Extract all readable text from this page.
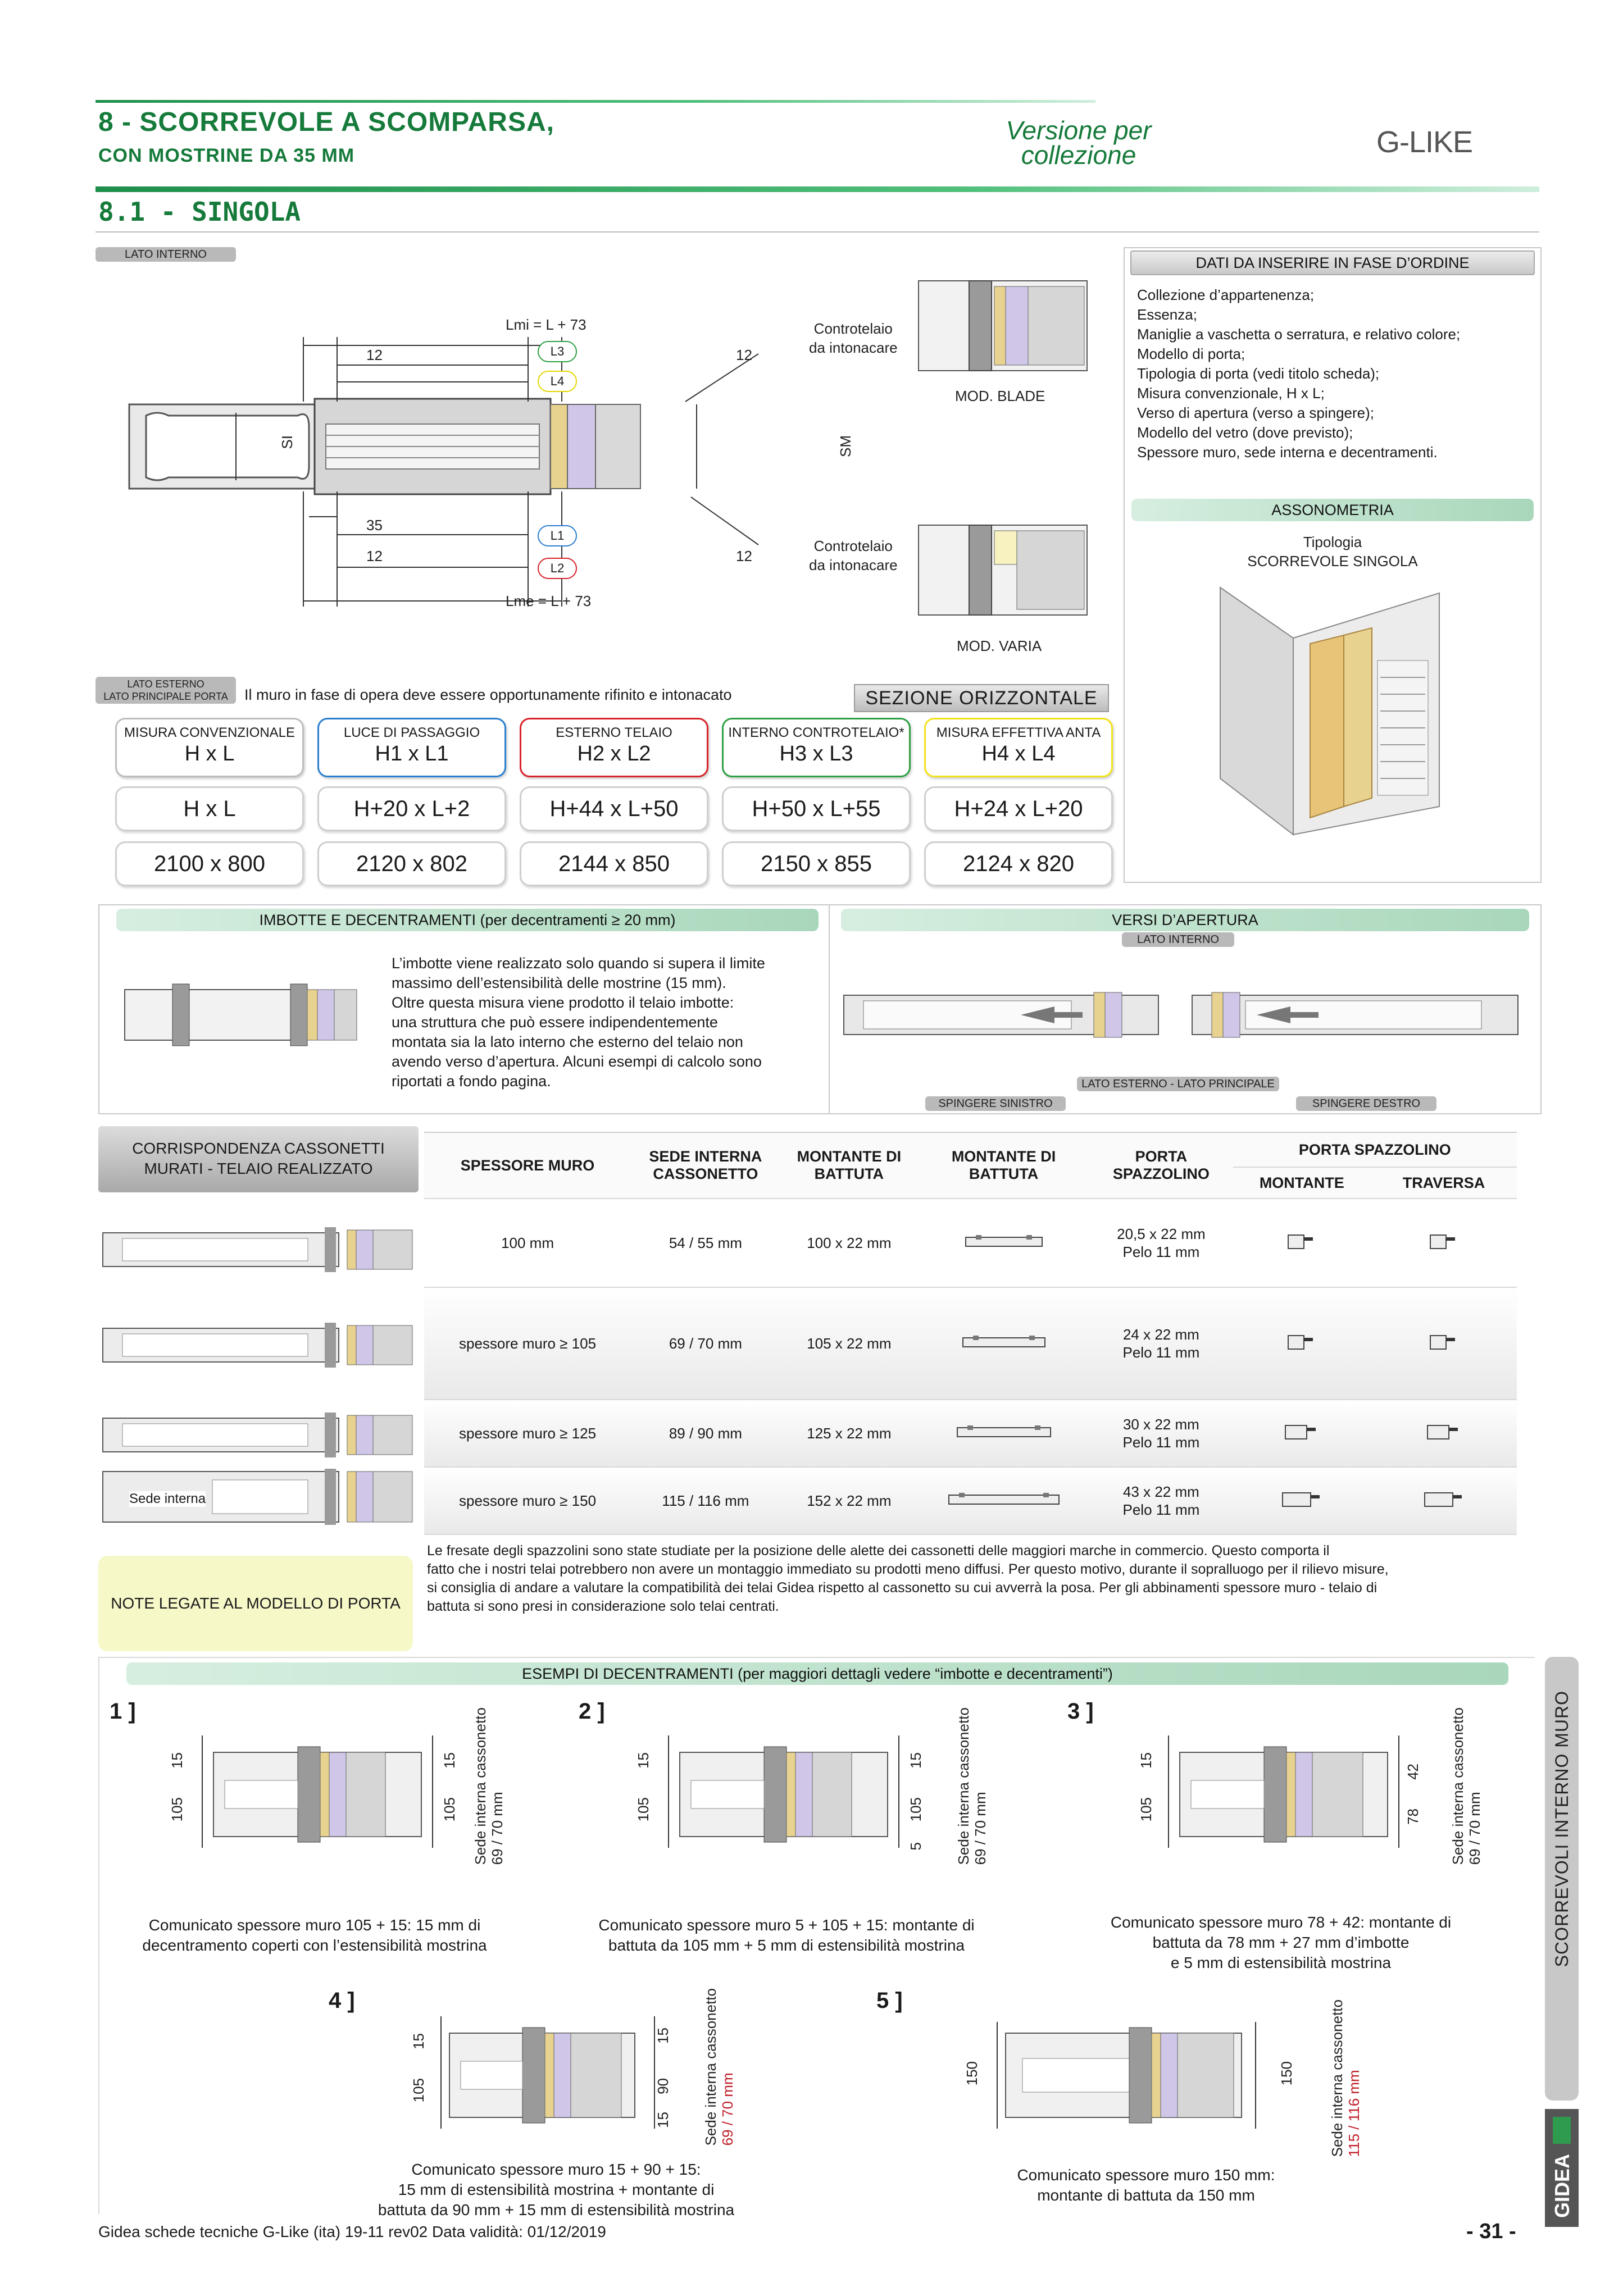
8 - SCORREVOLE A SCOMPARSA,
CON MOSTRINE DA 35 MM
Versione per
collezione	G-LIKE
8.1 - SINGOLA
LATO INTERNO
Lmi = L + 73
12	12
L3
L4
SI	SM
35
12	12
L1
L2
Lme = L + 73
Controtelaio
da intonacare
Controtelaio
da intonacare
MOD. BLADE
MOD. VARIA
LATO ESTERNO
LATO PRINCIPALE PORTA	Il muro in fase di opera deve essere opportunamente rifinito e intonacato	SEZIONE ORIZZONTALE
DATI DA INSERIRE IN FASE D’ORDINE
Collezione d’appartenenza;
Essenza;
Maniglie a vaschetta o serratura, e relativo colore;
Modello di porta;
Tipologia di porta (vedi titolo scheda);
Misura convenzionale, H x L;
Verso di apertura (verso a spingere);
Modello del vetro (dove previsto);
Spessore muro, sede interna e decentramenti.
ASSONOMETRIA
Tipologia
SCORREVOLE SINGOLA
MISURA CONVENZIONALE
H x L
LUCE DI PASSAGGIO
H1 x L1
ESTERNO TELAIO
H2 x L2
INTERNO CONTROTELAIO*
H3 x L3
MISURA EFFETTIVA ANTA
H4 x L4
H x L	H+20 x L+2	H+44 x L+50	H+50 x L+55	H+24 x L+20
2100 x 800	2120 x 802	2144 x 850	2150 x 855	2124 x 820
IMBOTTE E DECENTRAMENTI (per decentramenti ≥ 20 mm)
L’imbotte viene realizzato solo quando si supera il limite
massimo dell’estensibilità delle mostrine (15 mm).
Oltre questa misura viene prodotto il telaio imbotte:
una struttura che può essere indipendentemente
montata sia la lato interno che esterno del telaio non
avendo verso d’apertura. Alcuni esempi di calcolo sono
riportati a fondo pagina.
VERSI D’APERTURA
LATO INTERNO
LATO ESTERNO - LATO PRINCIPALE
SPINGERE SINISTRO	SPINGERE DESTRO
CORRISPONDENZA CASSONETTI
MURATI - TELAIO REALIZZATO	SPESSORE MURO	SEDE INTERNA CASSONETTO	MONTANTE DI BATTUTA	MONTANTE DI BATTUTA	PORTA SPAZZOLINO	PORTA SPAZZOLINO	
					MONTANTE	TRAVERSA
100 mm	54 / 55 mm	100 x 22 mm		20,5 x 22 mm
Pelo 11 mm

spessore muro ≥ 105	69 / 70 mm	105 x 22 mm		24 x 22 mm
Pelo 11 mm

spessore muro ≥ 125	89 / 90 mm	125 x 22 mm		30 x 22 mm
Pelo 11 mm

spessore muro ≥ 150	115 / 116 mm	152 x 22 mm		43 x 22 mm
Pelo 11 mm

Sede interna
NOTE LEGATE AL MODELLO DI PORTA
Le fresate degli spazzolini sono state studiate per la posizione delle alette dei cassonetti delle maggiori marche in commercio. Questo comporta il
fatto che i nostri telai potrebbero non avere un montaggio immediato su prodotti meno diffusi. Per questo motivo, durante il sopralluogo per il rilievo misure,
si consiglia di andare a valutare la compatibilità dei telai Gidea rispetto al cassonetto su cui avverrà la posa. Per gli abbinamenti spessore muro - telaio di
battuta si sono presi in considerazione solo telai centrati.
ESEMPI DI DECENTRAMENTI (per maggiori dettagli vedere “imbotte e decentramenti”)
1 ]
15
105
15
105 Sede interna cassonetto 69 / 70 mm
Comunicato spessore muro 105 + 15: 15 mm di
decentramento coperti con l’estensibilità mostrina
2 ]
15
105
15
105
5 Sede interna cassonetto 69 / 70 mm
Comunicato spessore muro 5 + 105 + 15: montante di
battuta da 105 mm + 5 mm di estensibilità mostrina
3 ]
15
105
42
78 Sede interna cassonetto 69 / 70 mm
Comunicato spessore muro 78 + 42: montante di
battuta da 78 mm + 27 mm d’imbotte
e 5 mm di estensibilità mostrina
4 ]
15
105
15
90
15 Sede interna cassonetto 69 / 70 mm
Comunicato spessore muro 15 + 90 + 15:
15 mm di estensibilità mostrina + montante di
battuta da 90 mm + 15 mm di estensibilità mostrina
5 ]
150	150 Sede interna cassonetto 115 / 116 mm
Comunicato spessore muro 150 mm:
montante di battuta da 150 mm
SCORREVOLI INTERNO MURO
GIDEA
Gidea schede tecniche G-Like (ita) 19-11 rev02 Data validità: 01/12/2019	- 31 -
